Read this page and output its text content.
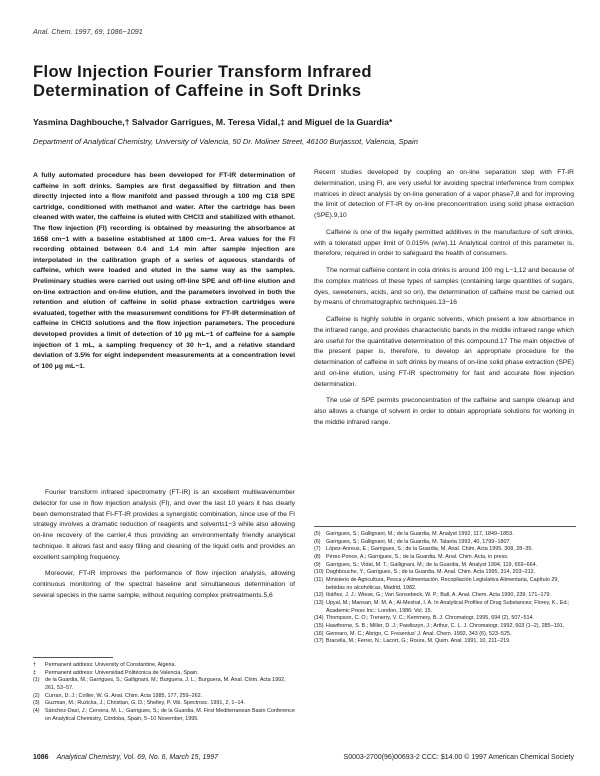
Anal. Chem. 1997, 69, 1086−1091
Flow Injection Fourier Transform Infrared
Determination of Caffeine in Soft Drinks
Yasmina Daghbouche,† Salvador Garrigues, M. Teresa Vidal,‡ and Miguel de la Guardia*
Department of Analytical Chemistry, University of Valencia, 50 Dr. Moliner Street, 46100 Burjassot, Valencia, Spain
A fully automated procedure has been developed for FT-IR determination of caffeine in soft drinks. Samples are first degassified by filtration and then directly injected into a flow manifold and passed through a 100 mg C18 SPE cartridge, conditioned with methanol and water. After the cartridge has been cleaned with water, the caffeine is eluted with CHCl3 and stabilized with ethanol. The flow injection (FI) recording is obtained by measuring the absorbance at 1658 cm−1 with a baseline established at 1800 cm−1. Area values for the FI recording obtained between 0.4 and 1.4 min after sample injection are interpolated in the calibration graph of a series of aqueous standards of caffeine, which were loaded and eluted in the same way as the samples. Preliminary studies were carried out using off-line SPE and off-line elution and on-line extraction and on-line elution, and the parameters involved in both the retention and elution of caffeine in solid phase extraction cartridges were evaluated, together with the measurement conditions for FT-IR determination of caffeine in CHCl3 solutions and the flow injection parameters. The procedure developed provides a limit of detection of 10 μg mL−1 of caffeine for a sample injection of 1 mL, a sampling frequency of 30 h−1, and a relative standard deviation of 3.5% for eight independent measurements at a concentration level of 100 μg mL−1.

Fourier transform infrared spectrometry (FT-IR) is an excellent multiwavenumber detector for use in flow injection analysis (FI), and over the last 10 years it has clearly been demonstrated that FI-FT-IR provides a synergistic combination, since use of the FI strategy involves a dramatic reduction of reagents and solvents1−3 while also allowing on-line recovery of the carrier,4 thus providing an environmentally friendly analytical technique. It allows fast and easy filling and cleaning of the liquid cells and provides an excellent sampling frequency.

Moreover, FT-IR improves the performance of flow injection analysis, allowing continuous monitoring of the spectral baseline and simultaneous determination of several species in the same sample, without requiring complex pretreatments.5,6

Recent studies developed by coupling an on-line separation step with FT-IR determination, using FI, are very useful for avoiding spectral interference from complex matrices in direct analysis by on-line generation of a vapor phase7,8 and for improving the limit of detection of FT-IR by on-line preconcentration using solid phase extraction (SPE).9,10

Caffeine is one of the legally permitted additives in the manufacture of soft drinks, with a tolerated upper limit of 0.015% (w/w).11 Analytical control of this parameter is, therefore, required in order to safeguard the health of consumers.

The normal caffeine content in cola drinks is around 100 mg L−1,12 and because of the complex matrices of these types of samples (containing large quantities of sugars, dyes, sweeteners, acids, and so on), the determination of caffeine must be carried out by means of chromatographic techniques.13−16

Caffeine is highly soluble in organic solvents, which present a low absorbance in the infrared range, and provides characteristic bands in the middle infrared range which are useful for the quantitative determination of this compound.17 The main objective of the present paper is, therefore, to develop an appropriate procedure for the determination of caffeine in soft drinks by means of on-line solid phase extraction (SPE) and on-line elution, using FT-IR spectrometry for fast and accurate flow injection determination.

The use of SPE permits preconcentration of the caffeine and sample cleanup and also allows a change of solvent in order to obtain appropriate solutions for working in the middle infrared range.

†	Permanent address: University of Constantine, Algeria.
‡	Permanent address: Universidad Politécnica de Valencia, Spain.
(1)	de la Guardia, M.; Garrigues, S.; Gallignani, M.; Burguera, J. L.; Burguera, M. Anal. Chim. Acta 1992, 261, 53−57.
(2)	Curran, D. J.; Collier, W. G. Anal. Chim. Acta 1985, 177, 259−262.
(3)	Guzman, M.; Ruzicka, J.; Christian, G. D.; Shelley, P. Vib. Spectrosc. 1991, 2, 1−14.
(4)	Sánchez-Dasí, J.; Cervera, M. L.; Garrigues, S.; de la Guardia, M. First Mediterranean Basin Conference on Analytical Chemistry, Córdoba, Spain, 5−10 November, 1995.
(5)	Garrigues, S.; Gallignani, M.; de la Guardia, M. Analyst 1992, 117, 1849−1853.
(6)	Garrigues, S.; Gallignani, M.; de la Guardia, M. Talanta 1993, 40, 1799−1807.
(7)	López-Anreus, E.; Garrigues, S.; de la Guardia, M. Anal. Chim. Acta 1995, 308, 28−35.
(8)	Pérez-Ponce, A.; Garrigues, S.; de la Guardia, M. Anal. Chim. Acta, in press.
(9)	Garrigues, S.; Vidal, M. T.; Gallignani, M.; de la Guardia, M. Analyst 1994, 119, 659−664.
(10) Daghbouche, Y.; Garrigues, S.; de la Guardia, M. Anal. Chim. Acta 1995, 314, 203−212.
(11) Ministerio de Agricultura, Pesca y Alimentación. Recopilación Legislativa Alimentaria, Capítulo 29, bebidas no alcohólicas, Madrid, 1982.
(12) Ibáñez, J. J.; Wiese, G.; Van Sonsebeck, W. P.; Ball, A. Anal. Chem. Acta 1990, 239, 171−179.
(13) Upyal, M.; Mansan, M. M. A.; Al-Meshal, I. A. In Analytical Profiles of Drug Substances; Florey, K., Ed.; Academic Press Inc.: London, 1986; Vol. 15.
(14) Thompson, C. O.; Trenerry, V. C.; Kemmery, B. J. Chromatogr. 1995, 694 (2), 507−514.
(15) Hawthorne, S. B.; Miller, D. J.; Pawliszyn, J.; Arthur, C. L. J. Chromatogr. 1992, 603 (1−2), 285−191.
(16) Gennaro, M. C.; Abrigo, C. Fresenius' J. Anal. Chem. 1992, 343 (6), 523−525.
(17) Bracella, M.; Ferrer, N.; Lacort, G.; Roura, M. Quim. Anal. 1991, 10, 211−219.
1086 Analytical Chemistry, Vol. 69, No. 6, March 15, 1997	S0003-2700(96)00693-2 CCC: $14.00 © 1997 American Chemical Society
